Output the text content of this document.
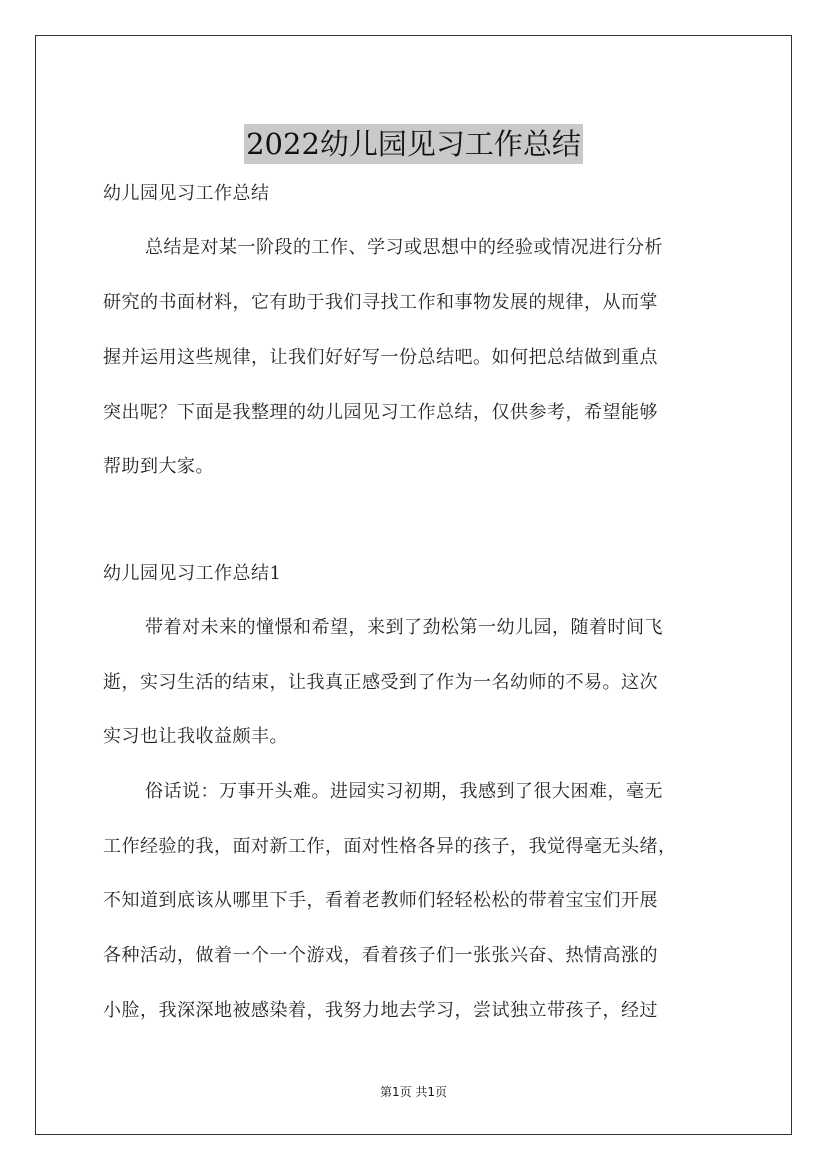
2022幼儿园见习工作总结
幼儿园见习工作总结
总结是对某一阶段的工作、学习或思想中的经验或情况进行分析
研究的书面材料，它有助于我们寻找工作和事物发展的规律，从而掌
握并运用这些规律，让我们好好写一份总结吧。如何把总结做到重点
突出呢？下面是我整理的幼儿园见习工作总结，仅供参考，希望能够
帮助到大家。
幼儿园见习工作总结1
带着对未来的憧憬和希望，来到了劲松第一幼儿园，随着时间飞
逝，实习生活的结束，让我真正感受到了作为一名幼师的不易。这次
实习也让我收益颇丰。
俗话说：万事开头难。进园实习初期，我感到了很大困难，毫无
工作经验的我，面对新工作，面对性格各异的孩子，我觉得毫无头绪，
不知道到底该从哪里下手，看着老教师们轻轻松松的带着宝宝们开展
各种活动，做着一个一个游戏，看着孩子们一张张兴奋、热情高涨的
小脸，我深深地被感染着，我努力地去学习，尝试独立带孩子，经过
第1页 共1页
